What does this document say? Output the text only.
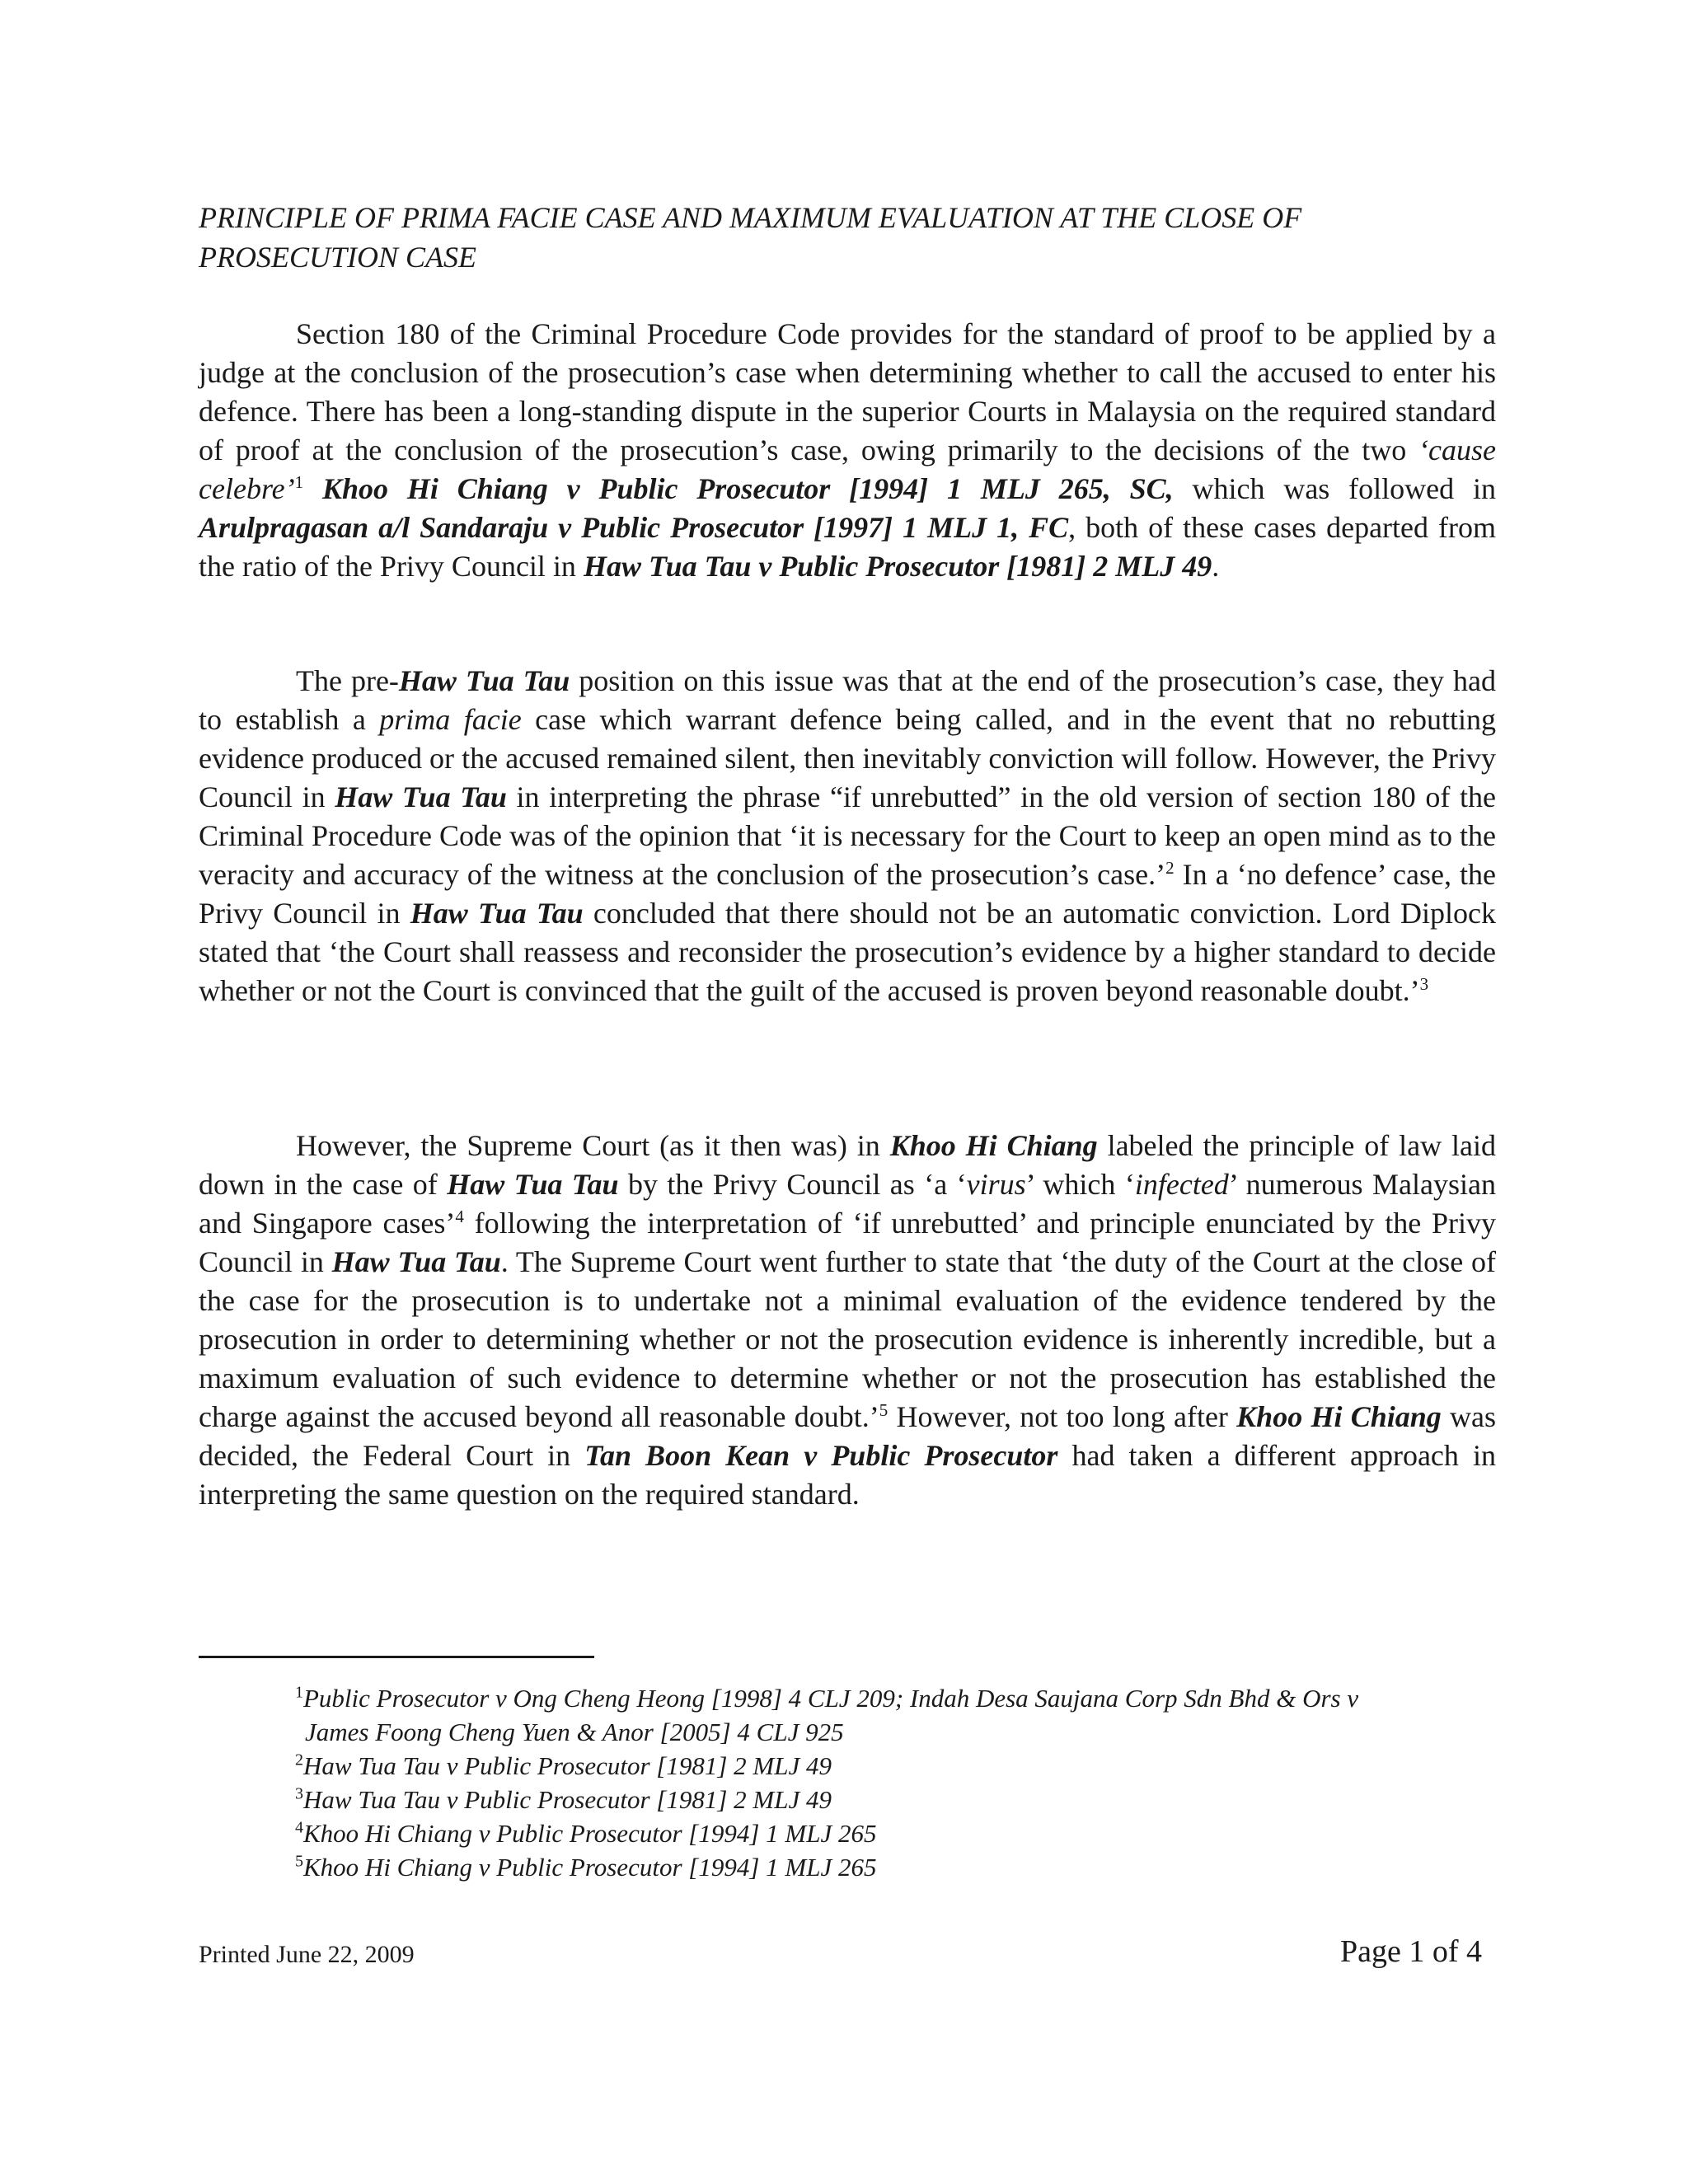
PRINCIPLE OF PRIMA FACIE CASE AND MAXIMUM EVALUATION AT THE CLOSE OF PROSECUTION CASE

Section 180 of the Criminal Procedure Code provides for the standard of proof to be applied by a judge at the conclusion of the prosecution’s case when determining whether to call the accused to enter his defence. There has been a long-standing dispute in the superior Courts in Malaysia on the required standard of proof at the conclusion of the prosecution’s case, owing primarily to the decisions of the two ‘cause celebre’$^1$ Khoo Hi Chiang v Public Prosecutor [1994] 1 MLJ 265, SC, which was followed in Arulpragasan a/l Sandaraju v Public Prosecutor [1997] 1 MLJ 1, FC, both of these cases departed from the ratio of the Privy Council in Haw Tua Tau v Public Prosecutor [1981] 2 MLJ 49.

The pre-Haw Tua Tau position on this issue was that at the end of the prosecution’s case, they had to establish a prima facie case which warrant defence being called, and in the event that no rebutting evidence produced or the accused remained silent, then inevitably conviction will follow. However, the Privy Council in Haw Tua Tau in interpreting the phrase “if unrebutted” in the old version of section 180 of the Criminal Procedure Code was of the opinion that ‘it is necessary for the Court to keep an open mind as to the veracity and accuracy of the witness at the conclusion of the prosecution’s case.’$^2$ In a ‘no defence’ case, the Privy Council in Haw Tua Tau concluded that there should not be an automatic conviction. Lord Diplock stated that ‘the Court shall reassess and reconsider the prosecution’s evidence by a higher standard to decide whether or not the Court is convinced that the guilt of the accused is proven beyond reasonable doubt.’$^3$

However, the Supreme Court (as it then was) in Khoo Hi Chiang labeled the principle of law laid down in the case of Haw Tua Tau by the Privy Council as ‘a ‘virus’ which ‘infected’ numerous Malaysian and Singapore cases’$^4$ following the interpretation of ‘if unrebutted’ and principle enunciated by the Privy Council in Haw Tua Tau. The Supreme Court went further to state that ‘the duty of the Court at the close of the case for the prosecution is to undertake not a minimal evaluation of the evidence tendered by the prosecution in order to determining whether or not the prosecution evidence is inherently incredible, but a maximum evaluation of such evidence to determine whether or not the prosecution has established the charge against the accused beyond all reasonable doubt.’$^5$ However, not too long after Khoo Hi Chiang was decided, the Federal Court in Tan Boon Kean v Public Prosecutor had taken a different approach in interpreting the same question on the required standard.

$^1$Public Prosecutor v Ong Cheng Heong [1998] 4 CLJ 209; Indah Desa Saujana Corp Sdn Bhd & Ors v
James Foong Cheng Yuen & Anor [2005] 4 CLJ 925

$^2$Haw Tua Tau v Public Prosecutor [1981] 2 MLJ 49

$^3$Haw Tua Tau v Public Prosecutor [1981] 2 MLJ 49

$^4$Khoo Hi Chiang v Public Prosecutor [1994] 1 MLJ 265

$^5$Khoo Hi Chiang v Public Prosecutor [1994] 1 MLJ 265

Printed June 22, 2009	Page 1 of 4
